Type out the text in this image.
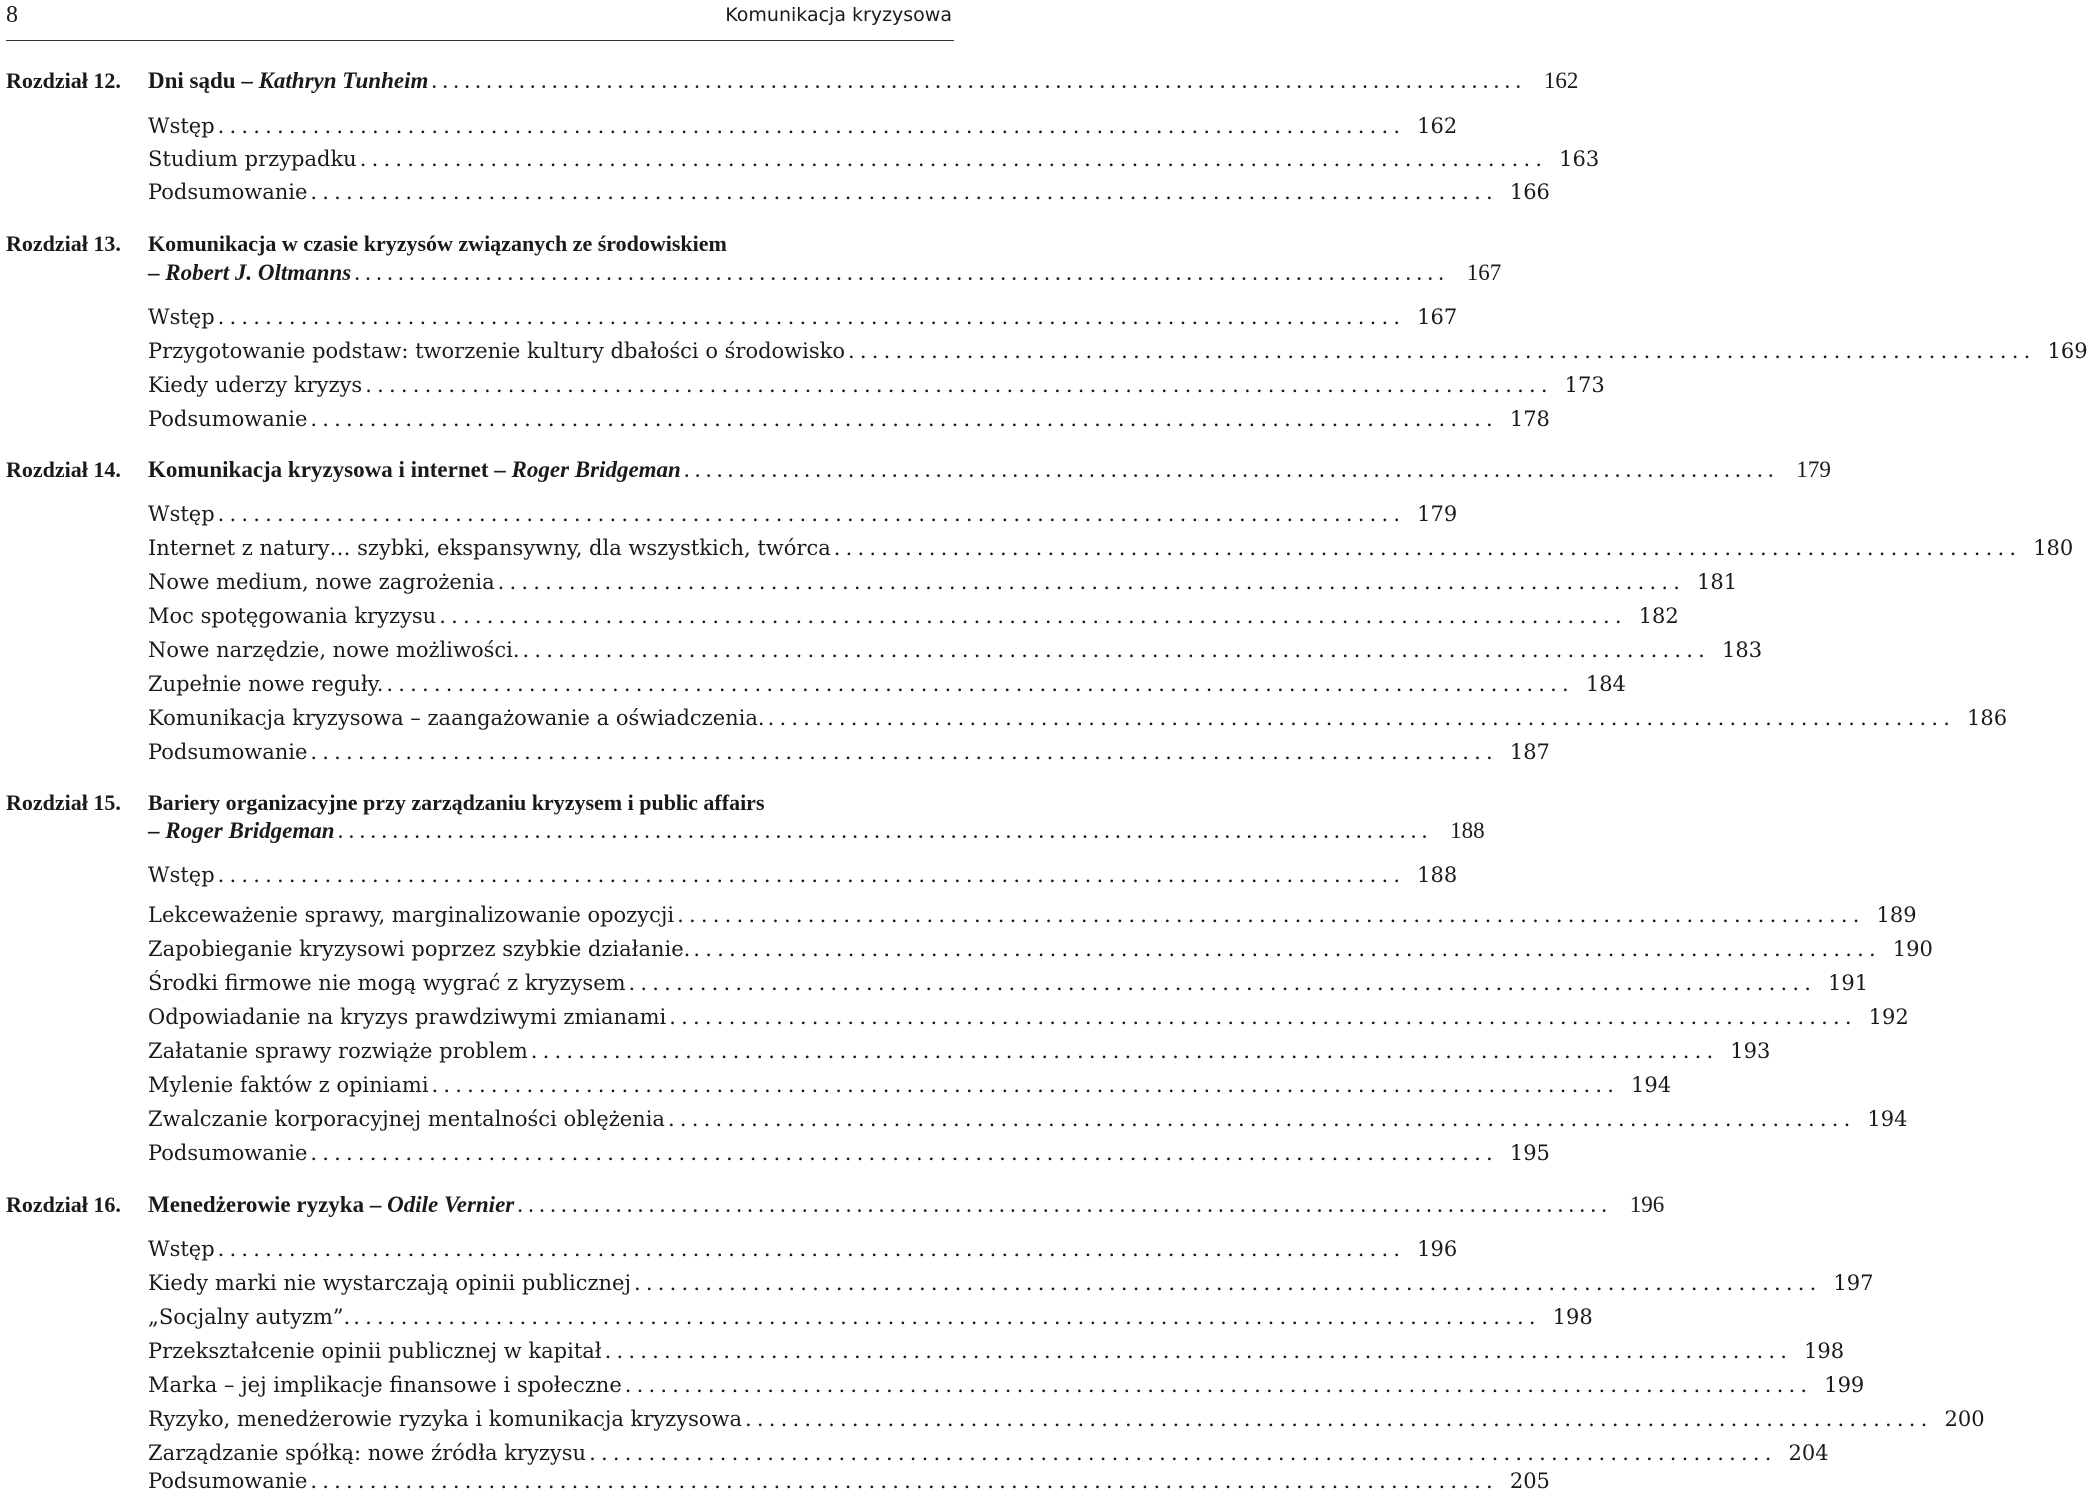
8	Komunikacja kryzysowa
Rozdział 12. Dni sądu – Kathryn Tunheim .................................................................................................... 162
Wstęp .................................................................................................... 162
Studium przypadku .................................................................................................... 163
Podsumowanie .................................................................................................... 166
Rozdział 13. Komunikacja w czasie kryzysów związanych ze środowiskiem
– Robert J. Oltmanns .................................................................................................... 167
Wstęp .................................................................................................... 167
Przygotowanie podstaw: tworzenie kultury dbałości o środowisko .................................................................................................... 169
Kiedy uderzy kryzys .................................................................................................... 173
Podsumowanie .................................................................................................... 178
Rozdział 14. Komunikacja kryzysowa i internet – Roger Bridgeman .................................................................................................... 179
Wstęp .................................................................................................... 179
Internet z natury… szybki, ekspansywny, dla wszystkich, twórca .................................................................................................... 180
Nowe medium, nowe zagrożenia .................................................................................................... 181
Moc spotęgowania kryzysu .................................................................................................... 182
Nowe narzędzie, nowe możliwości. .................................................................................................... 183
Zupełnie nowe reguły. .................................................................................................... 184
Komunikacja kryzysowa – zaangażowanie a oświadczenia. .................................................................................................... 186
Podsumowanie .................................................................................................... 187
Rozdział 15. Bariery organizacyjne przy zarządzaniu kryzysem i public affairs
– Roger Bridgeman .................................................................................................... 188
Wstęp .................................................................................................... 188
Lekceważenie sprawy, marginalizowanie opozycji .................................................................................................... 189
Zapobieganie kryzysowi poprzez szybkie działanie. .................................................................................................... 190
Środki firmowe nie mogą wygrać z kryzysem .................................................................................................... 191
Odpowiadanie na kryzys prawdziwymi zmianami .................................................................................................... 192
Załatanie sprawy rozwiąże problem .................................................................................................... 193
Mylenie faktów z opiniami .................................................................................................... 194
Zwalczanie korporacyjnej mentalności oblężenia .................................................................................................... 194
Podsumowanie .................................................................................................... 195
Rozdział 16. Menedżerowie ryzyka – Odile Vernier .................................................................................................... 196
Wstęp .................................................................................................... 196
Kiedy marki nie wystarczają opinii publicznej .................................................................................................... 197
„Socjalny autyzm”. .................................................................................................... 198
Przekształcenie opinii publicznej w kapitał .................................................................................................... 198
Marka – jej implikacje finansowe i społeczne .................................................................................................... 199
Ryzyko, menedżerowie ryzyka i komunikacja kryzysowa .................................................................................................... 200
Zarządzanie spółką: nowe źródła kryzysu .................................................................................................... 204
Podsumowanie .................................................................................................... 205
